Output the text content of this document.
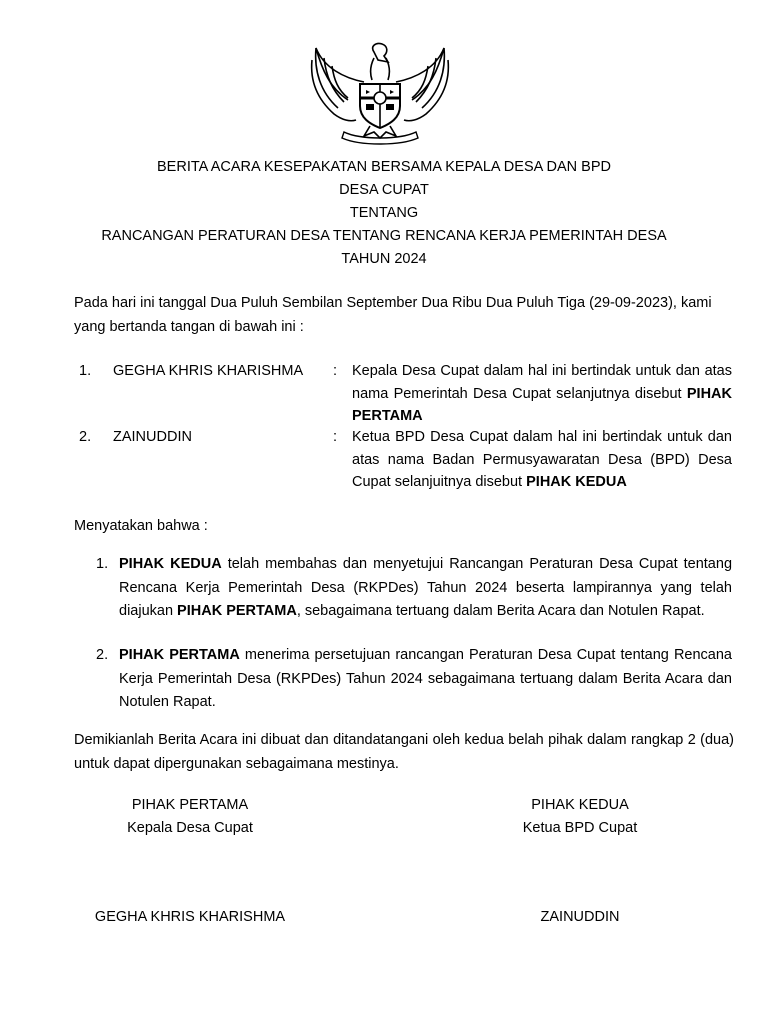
BERITA ACARA KESEPAKATAN BERSAMA KEPALA DESA DAN BPD
DESA CUPAT
TENTANG
RANCANGAN PERATURAN DESA TENTANG RENCANA KERJA PEMERINTAH DESA
TAHUN 2024
Pada hari ini tanggal Dua Puluh Sembilan September Dua Ribu Dua Puluh Tiga (29-09-2023), kami yang bertanda tangan di bawah ini :
1. GEGHA KHRIS KHARISHMA : Kepala Desa Cupat dalam hal ini bertindak untuk dan atas nama Pemerintah Desa Cupat selanjutnya disebut PIHAK PERTAMA
2. ZAINUDDIN	: Ketua BPD Desa Cupat dalam hal ini bertindak untuk dan atas nama Badan Permusyawaratan Desa (BPD) Desa Cupat selanjuitnya disebut PIHAK KEDUA
Menyatakan bahwa :
1. PIHAK KEDUA telah membahas dan menyetujui Rancangan Peraturan Desa Cupat tentang Rencana Kerja Pemerintah Desa (RKPDes) Tahun 2024 beserta lampirannya yang telah diajukan PIHAK PERTAMA, sebagaimana tertuang dalam Berita Acara dan Notulen Rapat.
2. PIHAK PERTAMA menerima persetujuan rancangan Peraturan Desa Cupat tentang Rencana Kerja Pemerintah Desa (RKPDes) Tahun 2024 sebagaimana tertuang dalam Berita Acara dan Notulen Rapat.
Demikianlah Berita Acara ini dibuat dan ditandatangani oleh kedua belah pihak dalam rangkap 2 (dua) untuk dapat dipergunakan sebagaimana mestinya.
PIHAK PERTAMA
Kepala Desa Cupat
PIHAK KEDUA
Ketua BPD Cupat
GEGHA KHRIS KHARISHMA	ZAINUDDIN
